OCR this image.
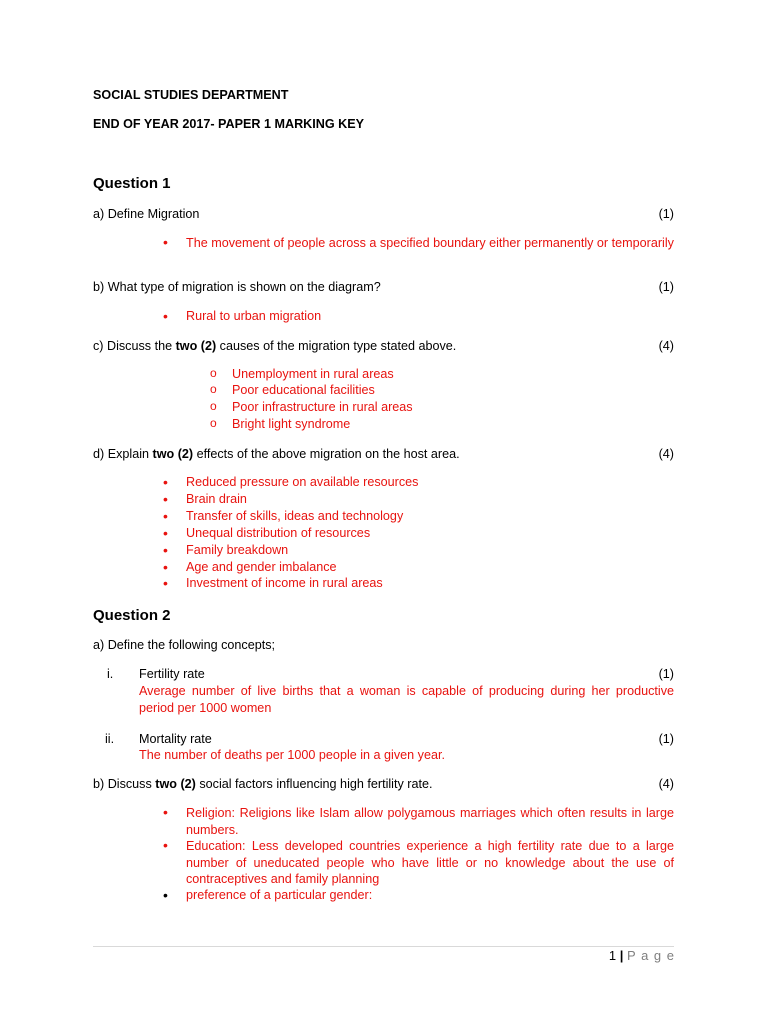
SOCIAL STUDIES DEPARTMENT
END OF YEAR 2017- PAPER 1 MARKING KEY
Question 1
a) Define Migration	(1)
• The movement of people across a specified boundary either permanently or temporarily
b) What type of migration is shown on the diagram?	(1)
• Rural to urban migration
c) Discuss the two (2) causes of the migration type stated above.	(4)
o Unemployment in rural areas
o Poor educational facilities
o Poor infrastructure in rural areas
o Bright light syndrome
d) Explain two (2) effects of the above migration on the host area.	(4)
• Reduced pressure on available resources
• Brain drain
• Transfer of skills, ideas and technology
• Unequal distribution of resources
• Family breakdown
• Age and gender imbalance
• Investment of income in rural areas
Question 2
a) Define the following concepts;
i. Fertility rate	(1)
Average number of live births that a woman is capable of producing during her productive period per 1000 women
ii. Mortality rate	(1)
The number of deaths per 1000 people in a given year.
b) Discuss two (2) social factors influencing high fertility rate.	(4)
• Religion: Religions like Islam allow polygamous marriages which often results in large numbers.
• Education: Less developed countries experience a high fertility rate due to a large number of uneducated people who have little or no knowledge about the use of contraceptives and family planning
• preference of a particular gender:
1 | P a g e
